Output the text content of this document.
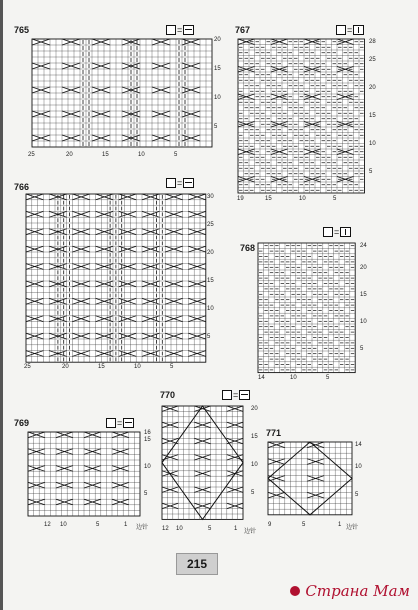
765	=
20
15
10
5
25	20	15	10	5
767	=
28
25
20
15
10
5
19	15	10	5
766	=
30
25
20
15
10
5
25	20	15	10	5
768
=
24
20
15
10
5
14	10	5
769	=
16
15
10
5
12 10	5	1 边针
770	=
20
15
10
5
12 10	5	1 边针
771
14
10
5
9	5	1 边针
215
Страна Мам
